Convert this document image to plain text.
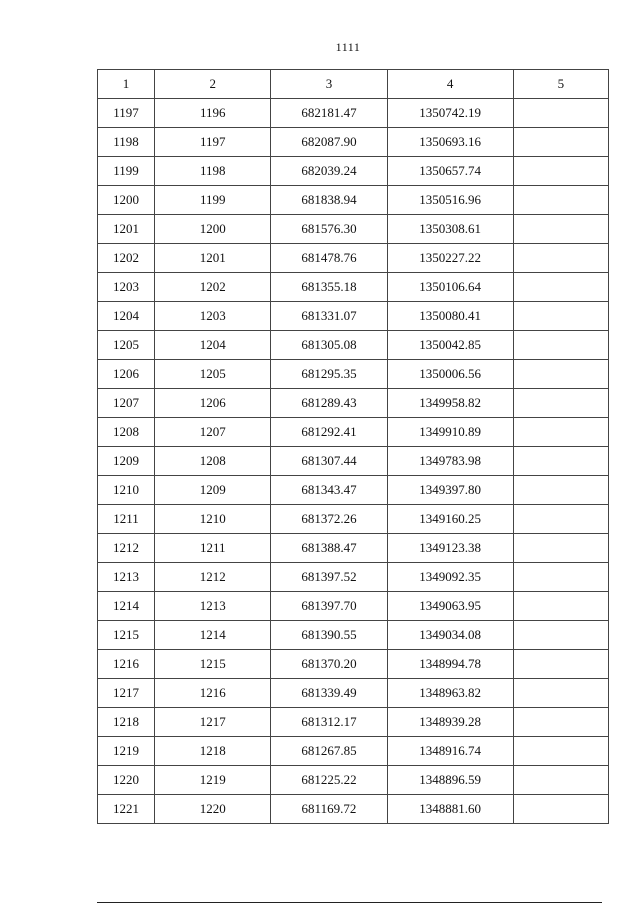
1111
1	2	3	4	5
1197	1196	682181.47	1350742.19	
1198	1197	682087.90	1350693.16	
1199	1198	682039.24	1350657.74	
1200	1199	681838.94	1350516.96	
1201	1200	681576.30	1350308.61	
1202	1201	681478.76	1350227.22	
1203	1202	681355.18	1350106.64	
1204	1203	681331.07	1350080.41	
1205	1204	681305.08	1350042.85	
1206	1205	681295.35	1350006.56	
1207	1206	681289.43	1349958.82	
1208	1207	681292.41	1349910.89	
1209	1208	681307.44	1349783.98	
1210	1209	681343.47	1349397.80	
1211	1210	681372.26	1349160.25	
1212	1211	681388.47	1349123.38	
1213	1212	681397.52	1349092.35	
1214	1213	681397.70	1349063.95	
1215	1214	681390.55	1349034.08	
1216	1215	681370.20	1348994.78	
1217	1216	681339.49	1348963.82	
1218	1217	681312.17	1348939.28	
1219	1218	681267.85	1348916.74	
1220	1219	681225.22	1348896.59	
1221	1220	681169.72	1348881.60	
